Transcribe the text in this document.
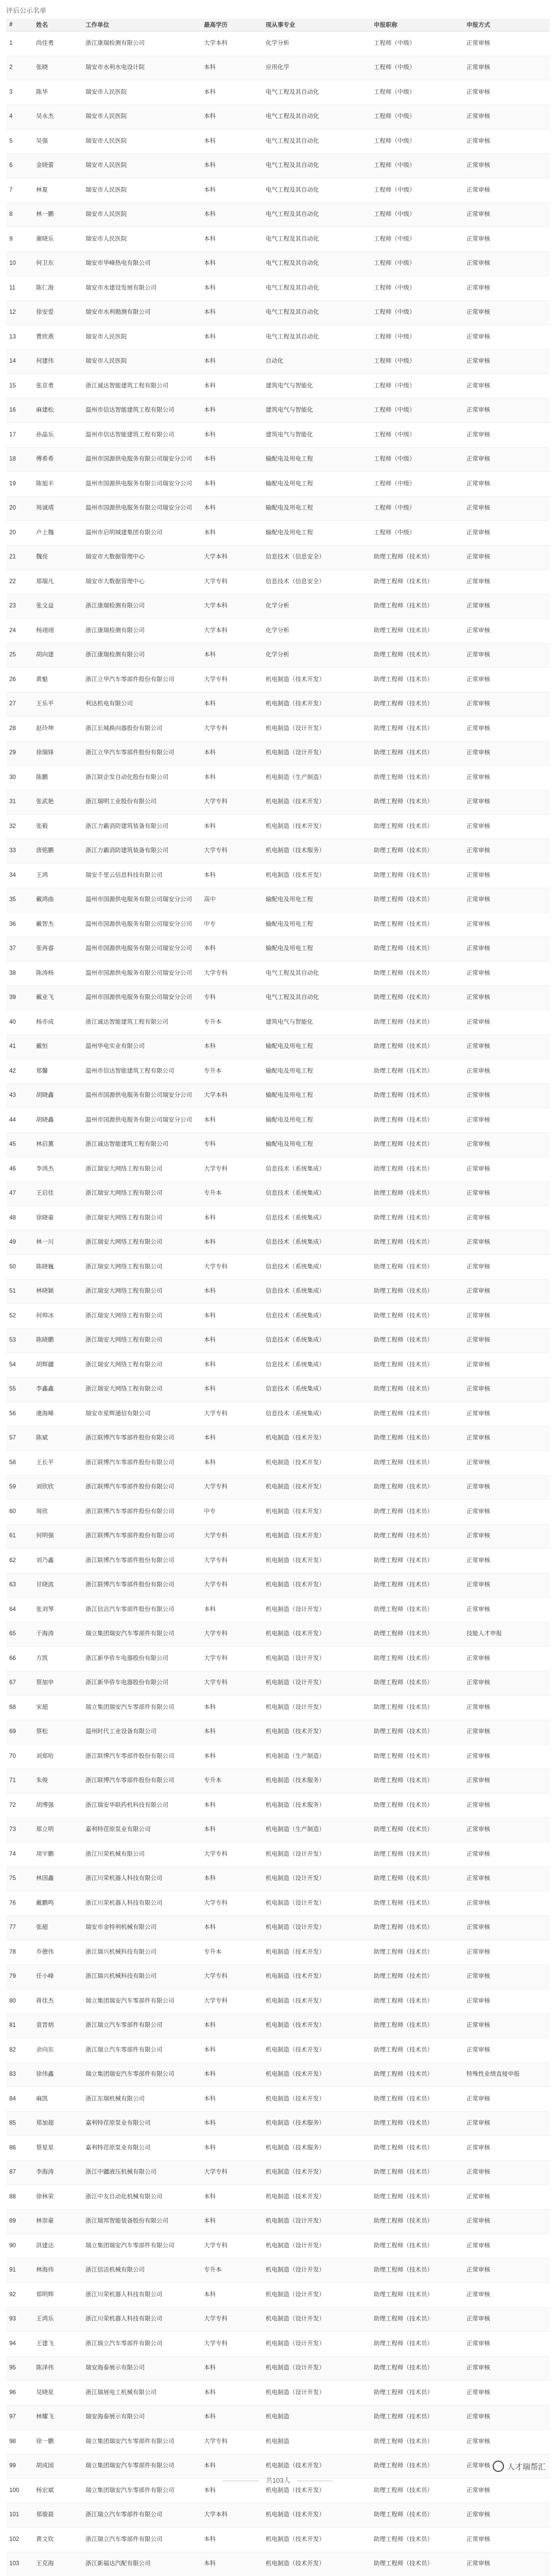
评后公示名单
#	姓名	工作单位	最高学历	现从事专业	申报职称	申报方式
1	尚佳勇	浙江康瑞检测有限公司	大学本科	化学分析	工程师（中级）	正常审核
2	张晓	瑞安市水利水电设计院	本科	应用化学	工程师（中级）	正常审核
3	陈华	瑞安市人民医院	本科	电气工程及其自动化	工程师（中级）	正常审核
4	吴永杰	瑞安市人民医院	本科	电气工程及其自动化	工程师（中级）	正常审核
5	吴强	瑞安市人民医院	本科	电气工程及其自动化	工程师（中级）	正常审核
6	金晓蕾	瑞安市人民医院	本科	电气工程及其自动化	工程师（中级）	正常审核
7	林夏	瑞安市人民医院	本科	电气工程及其自动化	工程师（中级）	正常审核
8	林一鹏	瑞安市人民医院	本科	电气工程及其自动化	工程师（中级）	正常审核
9	谢晓乐	瑞安市人民医院	本科	电气工程及其自动化	工程师（中级）	正常审核
10	何卫东	瑞安市华峰热电有限公司	本科	电气工程及其自动化	工程师（中级）	正常审核
11	陈仁海	瑞安市水建设发展有限公司	本科	电气工程及其自动化	工程师（中级）	正常审核
12	徐安爱	瑞安市水利勘测有限公司	本科	电气工程及其自动化	工程师（中级）	正常审核
13	曹欣燕	瑞安市人民医院	本科	电气工程及其自动化	工程师（中级）	正常审核
14	何建伟	瑞安市人民医院	本科	自动化	工程师（中级）	正常审核
15	张京勇	浙江诚达智能建筑工程有限公司	本科	建筑电气与智能化	工程师（中级）	正常审核
16	麻建松	温州市信达智能建筑工程有限公司	本科	建筑电气与智能化	工程师（中级）	正常审核
17	孙晶乐	温州市信达智能建筑工程有限公司	本科	建筑电气与智能化	工程师（中级）	正常审核
18	傅希希	温州市国源供电服务有限公司瑞安分公司	本科	输配电及用电工程	工程师（中级）	正常审核
19	陈旭丰	温州市国源供电服务有限公司瑞安分公司	本科	输配电及用电工程	工程师（中级）	正常审核
20	周诚靖	温州市国源供电服务有限公司瑞安分公司	本科	输配电及用电工程	工程师（中级）	正常审核
20	卢上魏	温州市启明城建集团有限公司	本科	输配电及用电工程	工程师（中级）	正常审核
21	魏亮	瑞安市大数据管理中心	大学本科	信息技术（信息安全）	助理工程师（技术员）	正常审核
22	郑瑞凡	瑞安市大数据管理中心	大学专科	信息技术（信息安全）	助理工程师（技术员）	正常审核
23	张文益	浙江康瑞检测有限公司	大学本科	化学分析	助理工程师（技术员）	正常审核
24	杨翊翊	浙江康瑞检测有限公司	大学本科	化学分析	助理工程师（技术员）	正常审核
25	胡向建	浙江康瑞检测有限公司	本科	化学分析	助理工程师（技术员）	正常审核
26	黄魁	浙江立华汽车零部件股份有限公司	大学专科	机电制造（技术开发）	助理工程师（技术员）	正常审核
27	王乐平	利达机电有限公司	本科	机电制造（技术开发）	助理工程师（技术员）	正常审核
28	赵玲坤	浙江长城换向器股份有限公司	大学专科	机电制造（设计开发）	助理工程师（技术员）	正常审核
29	徐瑞锋	浙江立华汽车零部件股份有限公司	本科	机电制造（设计开发）	助理工程师（技术员）	正常审核
30	陈鹏	浙江联企发自动化股份有限公司	本科	机电制造（生产制造）	助理工程师（技术员）	正常审核
31	张武艳	浙江瑞明工业股份有限公司	大学专科	机电制造（技术开发）	助理工程师（技术员）	正常审核
32	张毅	浙江力霸消防建筑装备有限公司	本科	机电制造（技术开发）	助理工程师（技术员）	正常审核
33	唐铭鹏	浙江力霸消防建筑装备有限公司	大学专科	机电制造（技术服务）	助理工程师（技术员）	正常审核
34	王鸿	瑞安千里云信息科技有限公司	本科	机电制造（技术开发）	助理工程师（技术员）	正常审核
35	戴鸿曲	温州市国源供电服务有限公司瑞安分公司	高中	输配电及用电工程	助理工程师（技术员）	正常审核
36	戴智杰	温州市国源供电服务有限公司瑞安分公司	中专	输配电及用电工程	助理工程师（技术员）	正常审核
37	张再睿	温州市国源供电服务有限公司瑞安分公司	本科	输配电及用电工程	助理工程师（技术员）	正常审核
38	陈涛杨	温州市国源供电服务有限公司瑞安分公司	大学专科	电气工程及其自动化	助理工程师（技术员）	正常审核
39	戴业飞	温州市国源供电服务有限公司瑞安分公司	专科	电气工程及其自动化	助理工程师（技术员）	正常审核
40	杨亦成	浙江诚达智能建筑工程有限公司	专升本	建筑电气与智能化	助理工程师（技术员）	正常审核
41	戴恒	温州华电实业有限公司	本科	输配电及用电工程	助理工程师（技术员）	正常审核
42	郑馨	温州市信达智能建筑工程有限公司	专升本	输配电及用电工程	助理工程师（技术员）	正常审核
43	胡晓鑫	温州市国源供电服务有限公司瑞安分公司	大学本科	输配电及用电工程	助理工程师（技术员）	正常审核
44	胡晓鑫	温州市国源供电服务有限公司瑞安分公司	本科	输配电及用电工程	助理工程师（技术员）	正常审核
45	林启薰	浙江诚达智能建筑工程有限公司	专科	输配电及用电工程	助理工程师（技术员）	正常审核
46	李鸿杰	浙江瑞安大网络工程有限公司	大学专科	信息技术（系统集成）	助理工程师（技术员）	正常审核
47	王启佳	浙江瑞安大网络工程有限公司	专升本	信息技术（系统集成）	助理工程师（技术员）	正常审核
48	徐晓豪	浙江瑞安大网络工程有限公司	本科	信息技术（系统集成）	助理工程师（技术员）	正常审核
49	林一川	浙江瑞安大网络工程有限公司	本科	信息技术（系统集成）	助理工程师（技术员）	正常审核
50	陈晓巍	浙江瑞安大网络工程有限公司	大学专科	信息技术（系统集成）	助理工程师（技术员）	正常审核
51	林晓颖	浙江瑞安大网络工程有限公司	本科	信息技术（系统集成）	助理工程师（技术员）	正常审核
52	何帅冰	浙江瑞安大网络工程有限公司	本科	信息技术（系统集成）	助理工程师（技术员）	正常审核
53	陈晓鹏	浙江瑞安大网络工程有限公司	本科	信息技术（系统集成）	助理工程师（技术员）	正常审核
54	胡辉疆	浙江瑞安大网络工程有限公司	本科	信息技术（系统集成）	助理工程师（技术员）	正常审核
55	李鑫鑫	浙江瑞安大网络工程有限公司	本科	信息技术（系统集成）	助理工程师（技术员）	正常审核
56	虞海晞	瑞安市星辉通信有限公司	大学专科	信息技术（系统集成）	助理工程师（技术员）	正常审核
57	陈斌	浙江联博汽车零部件股份有限公司	本科	机电制造（技术开发）	助理工程师（技术员）	正常审核
58	王长平	浙江联博汽车零部件股份有限公司	本科	机电制造（技术开发）	助理工程师（技术员）	正常审核
59	刘欣欣	浙江联博汽车零部件股份有限公司	大学专科	机电制造（技术开发）	助理工程师（技术员）	正常审核
60	周欣	浙江联博汽车零部件股份有限公司	中专	机电制造（技术开发）	助理工程师（技术员）	正常审核
61	何明强	浙江联博汽车零部件股份有限公司	大学专科	机电制造（技术开发）	助理工程师（技术员）	正常审核
62	刘乃鑫	浙江联博汽车零部件股份有限公司	大学专科	机电制造（技术开发）	助理工程师（技术员）	正常审核
63	甘晓波	浙江联博汽车零部件股份有限公司	大学专科	机电制造（技术开发）	助理工程师（技术员）	正常审核
64	张刘琴	浙江信洁汽车零部件股份有限公司	本科	机电制造（设计开发）	助理工程师（技术员）	正常审核
65	于海涛	瑞立集团瑞安汽车零部件有限公司	大学专科	机电制造（技术开发）	助理工程师（技术员）	技能人才申报
66	方凯	浙江新华侨车电器股份有限公司	大学专科	机电制造（设计开发）	助理工程师（技术员）	正常审核
67	蔡加申	浙江新华侨车电器股份有限公司	大学专科	机电制造（设计开发）	助理工程师（技术员）	正常审核
68	宋超	瑞立集团瑞安汽车零部件有限公司	本科	机电制造（设计开发）	助理工程师（技术员）	正常审核
69	蔡松	温州时代工业设备有限公司	本科	机电制造（技术开发）	助理工程师（技术员）	正常审核
70	刘郑哈	浙江联博汽车零部件股份有限公司	本科	机电制造（生产制造）	助理工程师（技术员）	正常审核
71	朱俊	浙江联博汽车零部件股份有限公司	专升本	机电制造（技术服务）	助理工程师（技术员）	正常审核
72	胡博强	浙江瑞安华联药机科技有限公司	本科	机电制造（技术服务）	助理工程师（技术员）	正常审核
73	郑立明	嘉利特荏原泵业有限公司	本科	机电制造（生产制造）	助理工程师（技术员）	正常审核
74	项宇鹏	浙江川荣机械有限公司	大学专科	机电制造（设计开发）	助理工程师（技术员）	正常审核
75	林国鑫	浙江川荣机器人科技有限公司	本科	机电制造（设计开发）	助理工程师（技术员）	正常审核
76	戴鹏鸣	浙江川荣机器人科技有限公司	大学专科	机电制造（设计开发）	助理工程师（技术员）	正常审核
77	张超	瑞安市金特利机械有限公司	本科	机电制造（设计开发）	助理工程师（技术员）	正常审核
78	乔德伟	浙江瑞兴机械科技有限公司	专升本	机电制造（技术开发）	助理工程师（技术员）	正常审核
79	任小峰	浙江瑞兴机械科技有限公司	大学专科	机电制造（技术开发）	助理工程师（技术员）	正常审核
80	蒋佳杰	瑞立集团瑞安汽车零部件有限公司	大学专科	机电制造（技术开发）	助理工程师（技术员）	正常审核
81	袁晋炳	浙江瑞立汽车零部件有限公司	本科	机电制造（技术开发）	助理工程师（技术员）	正常审核
82	余向东	浙江瑞立汽车零部件有限公司	本科	机电制造（技术开发）	助理工程师（技术员）	正常审核
83	徐伟鑫	瑞立集团瑞安汽车零部件有限公司	本科	机电制造（技术开发）	助理工程师（技术员）	特殊性业绩直接申报
84	麻凯	浙江东瑞机械有限公司	本科	机电制造（技术开发）	助理工程师（技术员）	正常审核
85	郑加超	嘉利特荏原泵业有限公司	本科	机电制造（技术服务）	助理工程师（技术员）	正常审核
86	蔡星星	嘉利特荏原泵业有限公司	本科	机电制造（技术服务）	助理工程师（技术员）	正常审核
87	李海涛	浙江中疆液压机械有限公司	大学专科	机电制造（技术开发）	助理工程师（技术员）	正常审核
88	徐林荣	浙江中友自动化机械有限公司	本科	机电制造（技术开发）	助理工程师（技术员）	正常审核
89	林崇豪	浙江瑞邦智能装备股份有限公司	本科	机电制造（设计开发）	助理工程师（技术员）	正常审核
90	洪建达	瑞立集团瑞安汽车零部件有限公司	大学专科	机电制造（设计开发）	助理工程师（技术员）	正常审核
91	林海伟	浙江信洁机械有限公司	专升本	机电制造（设计开发）	助理工程师（技术员）	正常审核
92	郑明辉	浙江川荣机器人科技有限公司	本科	机电制造（设计开发）	助理工程师（技术员）	正常审核
93	王鸿乐	浙江川荣机器人科技有限公司	大学专科	机电制造（设计开发）	助理工程师（技术员）	正常审核
94	王建飞	浙江瑞立汽车零部件有限公司	大学专科	机电制造（设计开发）	助理工程师（技术员）	正常审核
95	陈泽伟	瑞安海泰展示有限公司	本科	机电制造（设计开发）	助理工程师（技术员）	正常审核
96	吴晓星	浙江瑞展电工机械有限公司	本科	机电制造（设计开发）	助理工程师（技术员）	正常审核
97	林耀飞	瑞安海泰展示有限公司	本科	机电制造	助理工程师（技术员）	正常审核
98	徐一鹏	瑞立集团瑞安汽车零部件有限公司	大学专科	机电制造	助理工程师（技术员）	正常审核
99	胡成园	瑞立集团瑞安汽车零部件有限公司	本科	机电制造（技术开发）	助理工程师（技术员）	正常审核
100	杨宏斌	瑞立集团瑞安汽车零部件有限公司	本科	机电制造（技术开发）	助理工程师（技术员）	正常审核
101	郑骏晨	浙江瑞立汽车零部件有限公司	大学本科	机电制造（技术开发）	助理工程师（技术员）	正常审核
102	黄文钦	浙江瑞立汽车零部件有限公司	本科	机电制造（技术开发）	助理工程师（技术员）	正常审核
103	王克海	浙江新福达汽配有限公司	本科	机电制造（技术开发）	助理工程师（技术员）	正常审核
共103人
人才瑞帮汇
